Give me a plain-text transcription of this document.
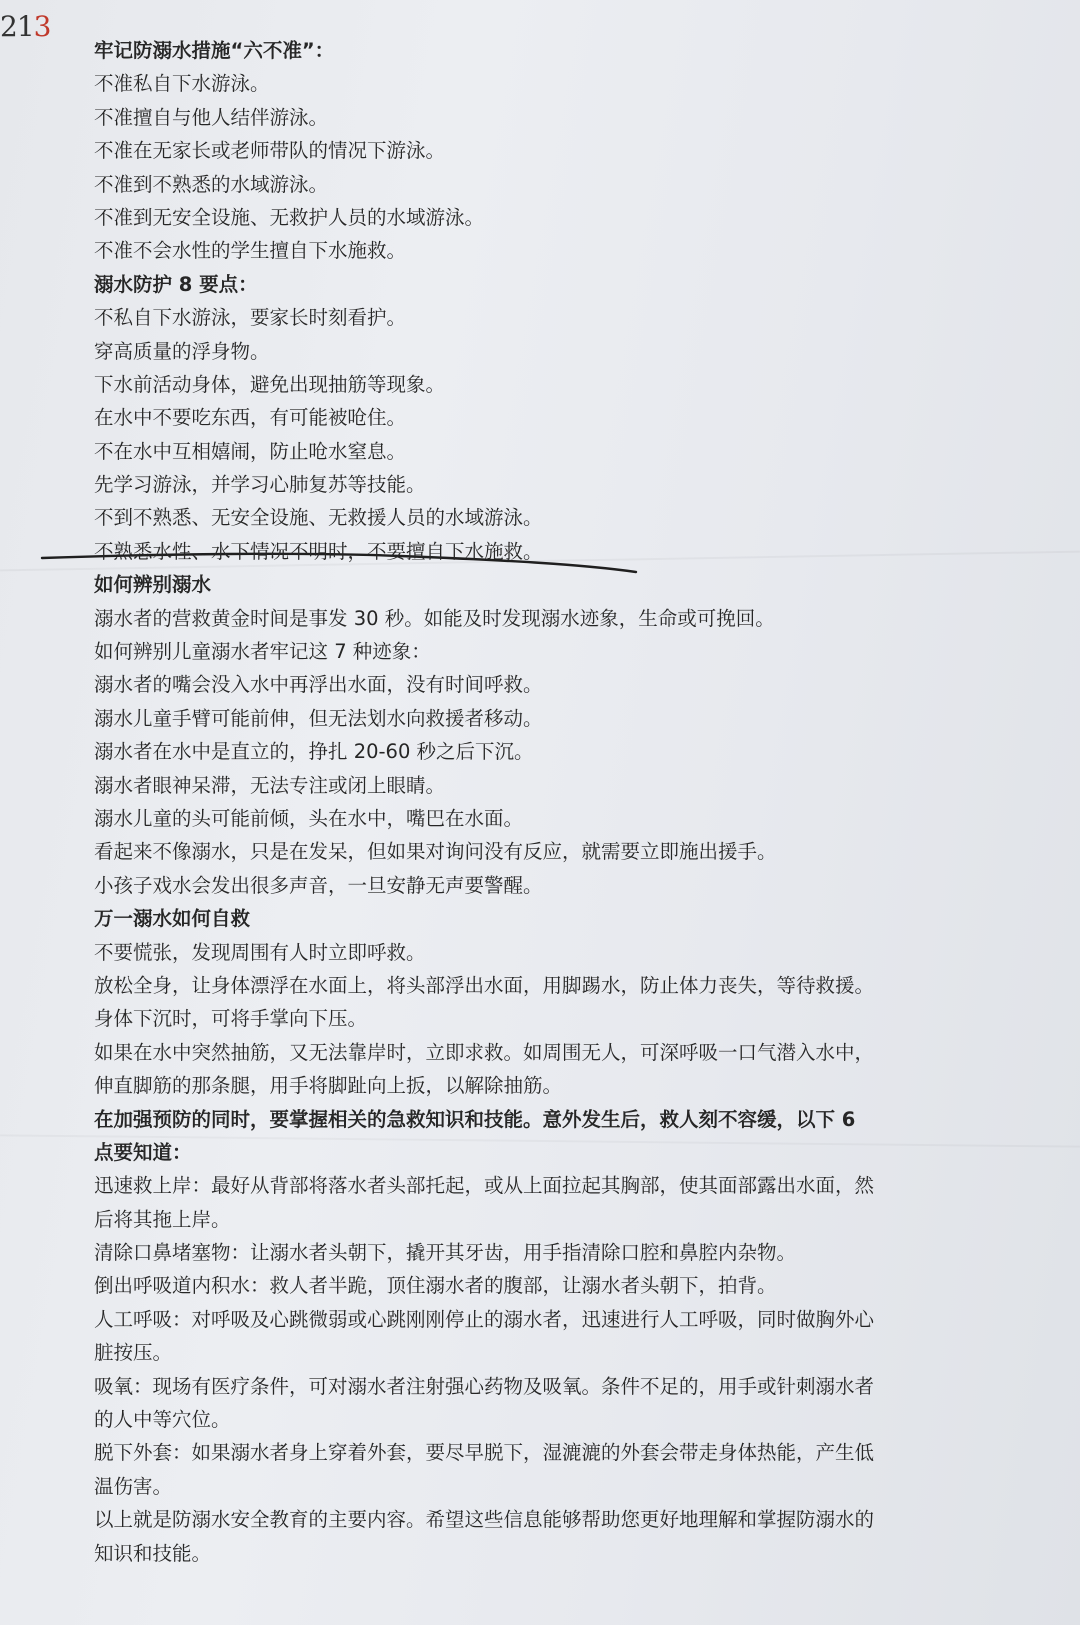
213
牢记防溺水措施“六不准”：
不准私自下水游泳。
不准擅自与他人结伴游泳。
不准在无家长或老师带队的情况下游泳。
不准到不熟悉的水域游泳。
不准到无安全设施、无救护人员的水域游泳。
不准不会水性的学生擅自下水施救。
溺水防护 8 要点：
不私自下水游泳，要家长时刻看护。
穿高质量的浮身物。
下水前活动身体，避免出现抽筋等现象。
在水中不要吃东西，有可能被呛住。
不在水中互相嬉闹，防止呛水窒息。
先学习游泳，并学习心肺复苏等技能。
不到不熟悉、无安全设施、无救援人员的水域游泳。
不熟悉水性、水下情况不明时，不要擅自下水施救。
如何辨别溺水
溺水者的营救黄金时间是事发 30 秒。如能及时发现溺水迹象，生命或可挽回。
如何辨别儿童溺水者牢记这 7 种迹象：
溺水者的嘴会没入水中再浮出水面，没有时间呼救。
溺水儿童手臂可能前伸，但无法划水向救援者移动。
溺水者在水中是直立的，挣扎 20-60 秒之后下沉。
溺水者眼神呆滞，无法专注或闭上眼睛。
溺水儿童的头可能前倾，头在水中，嘴巴在水面。
看起来不像溺水，只是在发呆，但如果对询问没有反应，就需要立即施出援手。
小孩子戏水会发出很多声音，一旦安静无声要警醒。
万一溺水如何自救
不要慌张，发现周围有人时立即呼救。
放松全身，让身体漂浮在水面上，将头部浮出水面，用脚踢水，防止体力丧失，等待救援。
身体下沉时，可将手掌向下压。
如果在水中突然抽筋，又无法靠岸时，立即求救。如周围无人，可深呼吸一口气潜入水中，
伸直脚筋的那条腿，用手将脚趾向上扳，以解除抽筋。
在加强预防的同时，要掌握相关的急救知识和技能。意外发生后，救人刻不容缓，以下 6
点要知道：
迅速救上岸：最好从背部将落水者头部托起，或从上面拉起其胸部，使其面部露出水面，然
后将其拖上岸。
清除口鼻堵塞物：让溺水者头朝下，撬开其牙齿，用手指清除口腔和鼻腔内杂物。
倒出呼吸道内积水：救人者半跪，顶住溺水者的腹部，让溺水者头朝下，拍背。
人工呼吸：对呼吸及心跳微弱或心跳刚刚停止的溺水者，迅速进行人工呼吸，同时做胸外心
脏按压。
吸氧：现场有医疗条件，可对溺水者注射强心药物及吸氧。条件不足的，用手或针刺溺水者
的人中等穴位。
脱下外套：如果溺水者身上穿着外套，要尽早脱下，湿漉漉的外套会带走身体热能，产生低
温伤害。
以上就是防溺水安全教育的主要内容。希望这些信息能够帮助您更好地理解和掌握防溺水的
知识和技能。
